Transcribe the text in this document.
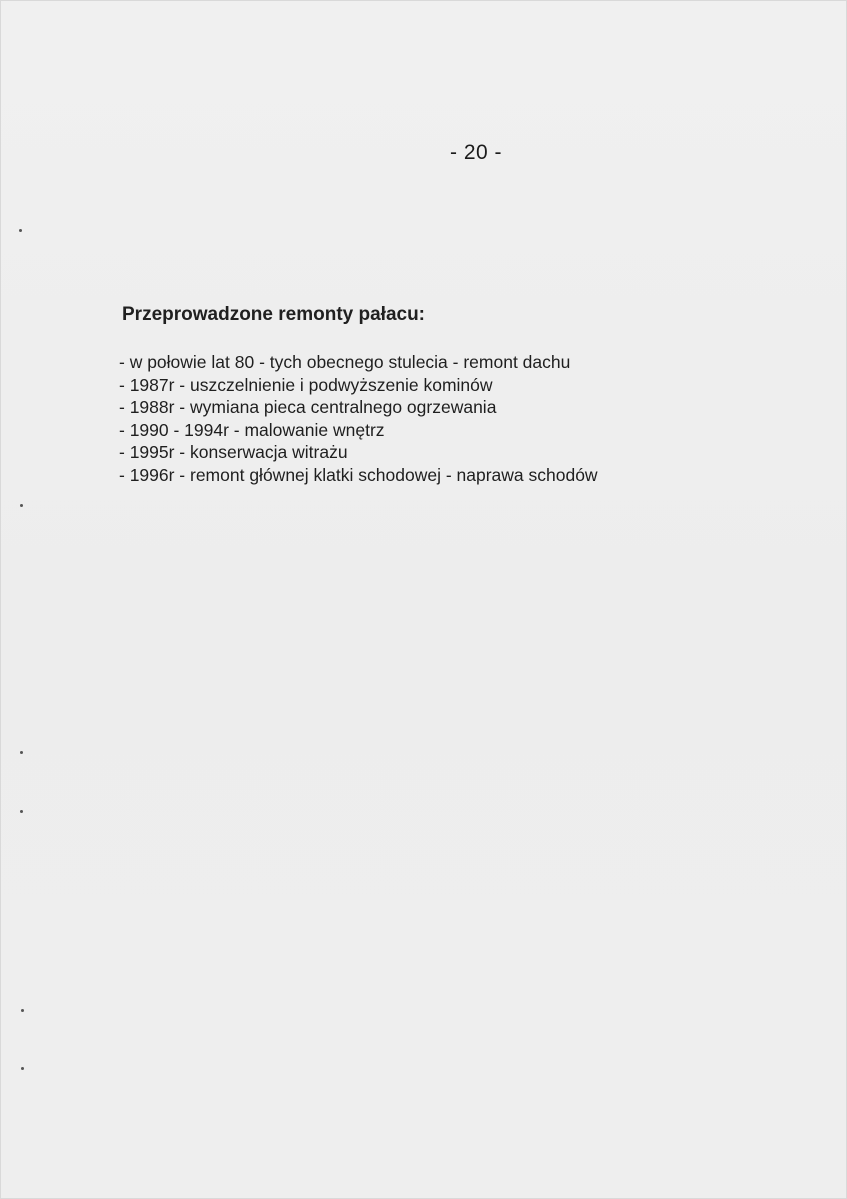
- 20 -
Przeprowadzone remonty pałacu:
- w połowie lat 80 - tych obecnego stulecia - remont dachu
- 1987r - uszczelnienie i podwyższenie kominów
- 1988r - wymiana pieca centralnego ogrzewania
- 1990 - 1994r - malowanie wnętrz
- 1995r - konserwacja witrażu
- 1996r - remont głównej klatki schodowej - naprawa schodów
